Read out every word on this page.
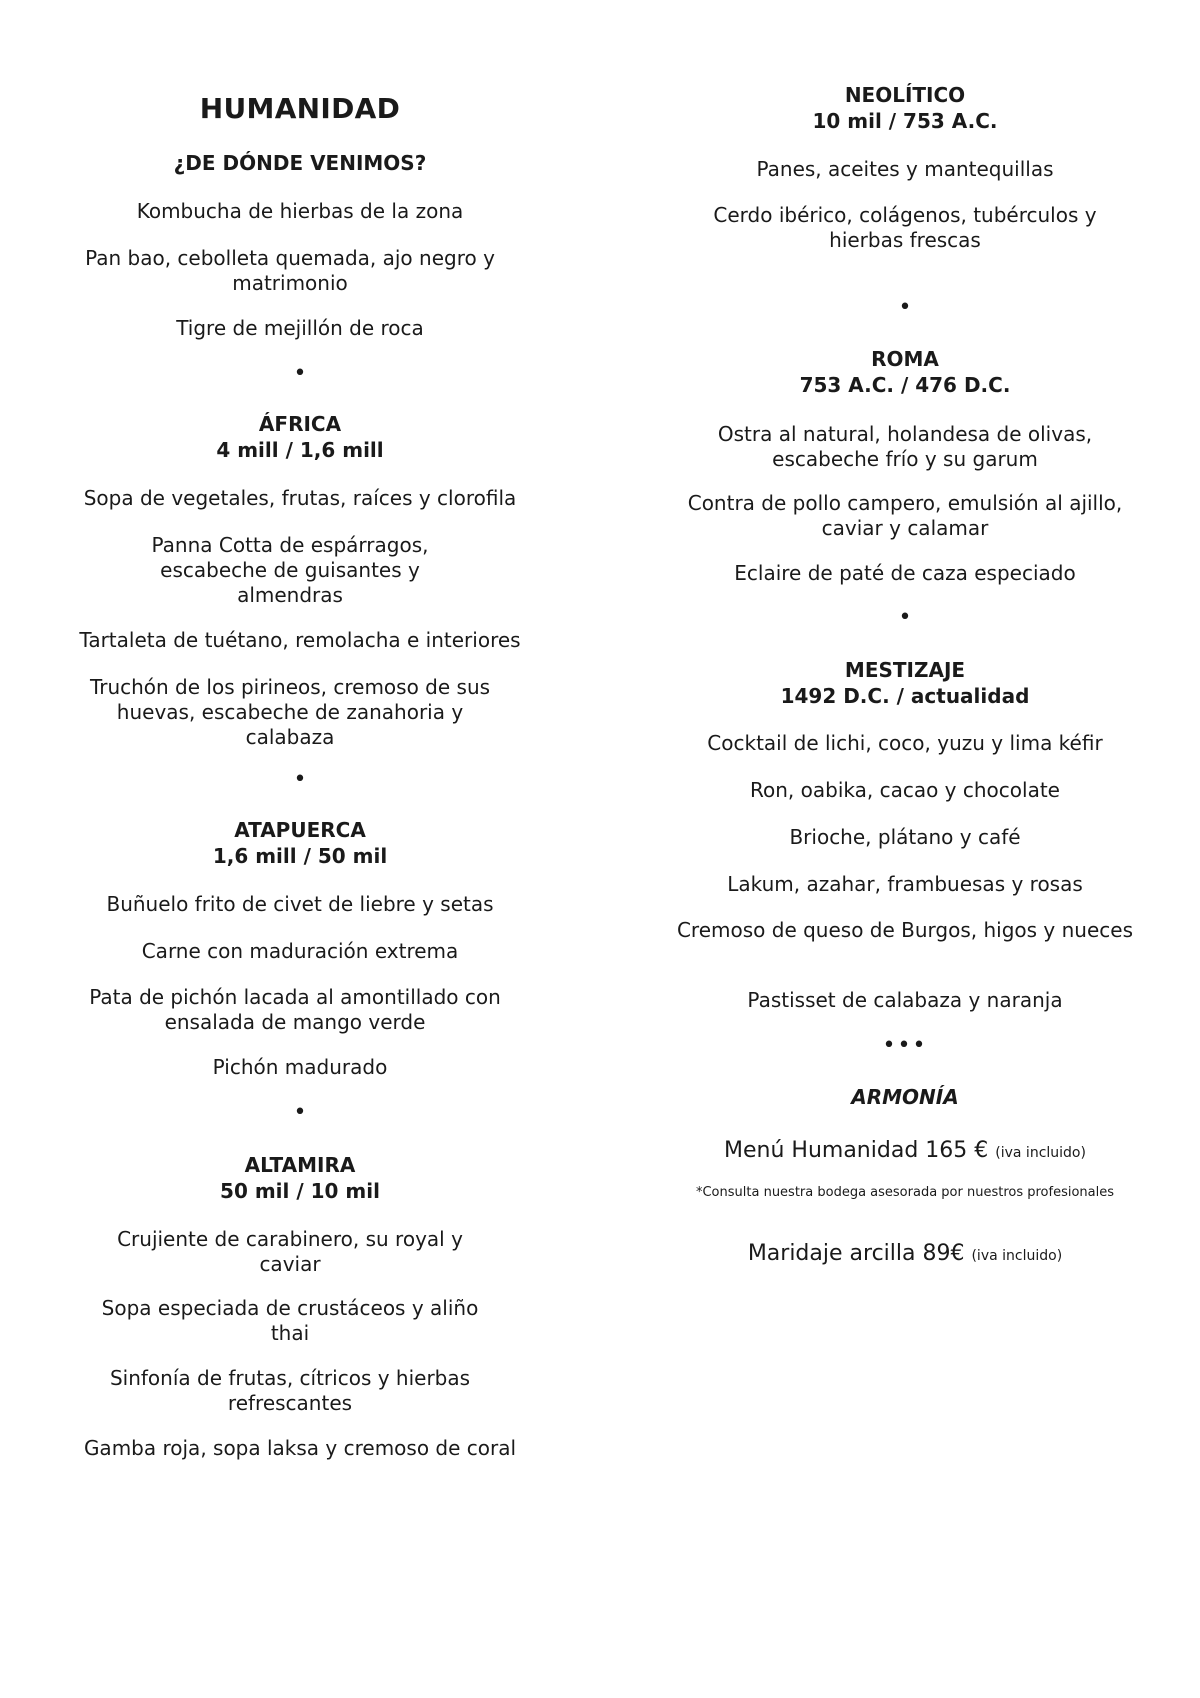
HUMANIDAD
¿DE DÓNDE VENIMOS?
Kombucha de hierbas de la zona
Pan bao, cebolleta quemada, ajo negro y matrimonio
Tigre de mejillón de roca
•
ÁFRICA
4 mill / 1,6 mill
Sopa de vegetales, frutas, raíces y clorofila
Panna Cotta de espárragos, escabeche de guisantes y almendras
Tartaleta de tuétano, remolacha e interiores
Truchón de los pirineos, cremoso de sus huevas, escabeche de zanahoria y calabaza
•
ATAPUERCA
1,6 mill / 50 mil
Buñuelo frito de civet de liebre y setas
Carne con maduración extrema
Pata de pichón lacada al amontillado con ensalada de mango verde
Pichón madurado
•
ALTAMIRA
50 mil / 10 mil
Crujiente de carabinero, su royal y caviar
Sopa especiada de crustáceos y aliño thai
Sinfonía de frutas, cítricos y hierbas refrescantes
Gamba roja, sopa laksa y cremoso de coral
NEOLÍTICO
10 mil / 753 A.C.
Panes, aceites y mantequillas
Cerdo ibérico, colágenos, tubérculos y hierbas frescas
•
ROMA
753 A.C. / 476 D.C.
Ostra al natural, holandesa de olivas, escabeche frío y su garum
Contra de pollo campero, emulsión al ajillo, caviar y calamar
Eclaire de paté de caza especiado
•
MESTIZAJE
1492 D.C. / actualidad
Cocktail de lichi, coco, yuzu y lima kéfir
Ron, oabika, cacao y chocolate
Brioche, plátano y café
Lakum, azahar, frambuesas y rosas
Cremoso de queso de Burgos, higos y nueces
Pastisset de calabaza y naranja
•••
ARMONÍA
Menú Humanidad 165 € (iva incluido)
*Consulta nuestra bodega asesorada por nuestros profesionales
Maridaje arcilla 89€ (iva incluido)
